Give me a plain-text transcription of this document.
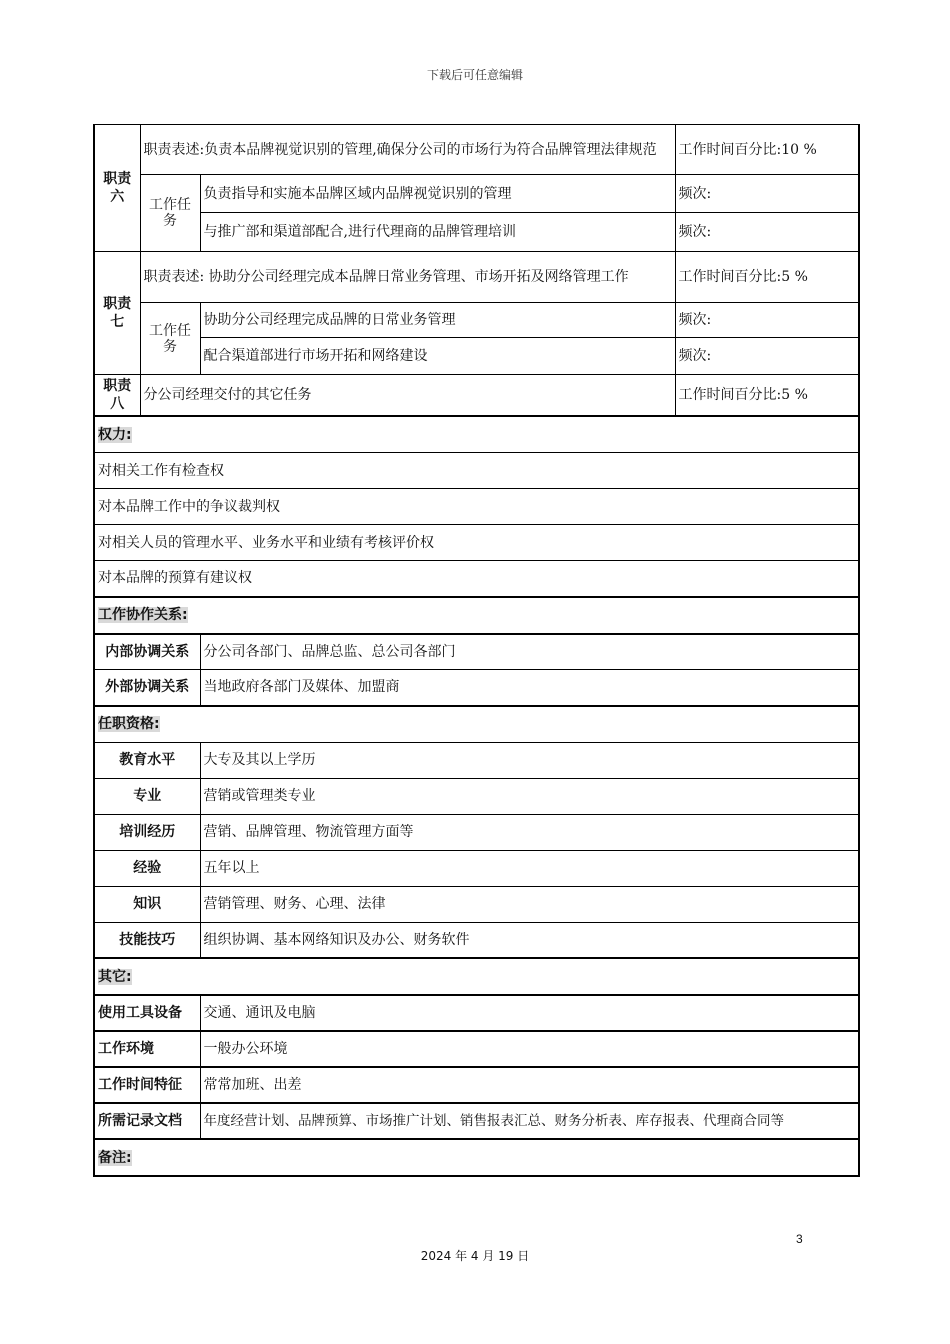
下载后可任意编辑
职责六	职责表述:负责本品牌视觉识别的管理,确保分公司的市场行为符合品牌管理法律规范		工作时间百分比:10 %
	工作任务	负责指导和实施本品牌区域内品牌视觉识别的管理	频次:
		与推广部和渠道部配合,进行代理商的品牌管理培训	频次:
职责七	职责表述: 协助分公司经理完成本品牌日常业务管理、市场开拓及网络管理工作		工作时间百分比:5 %
	工作任务	协助分公司经理完成品牌的日常业务管理	频次:
		配合渠道部进行市场开拓和网络建设	频次:
职责八	分公司经理交付的其它任务		工作时间百分比:5 %
权力:			
对相关工作有检查权			
对本品牌工作中的争议裁判权			
对相关人员的管理水平、业务水平和业绩有考核评价权			
对本品牌的预算有建议权			
工作协作关系:			
内部协调关系		分公司各部门、品牌总监、总公司各部门	
外部协调关系		当地政府各部门及媒体、加盟商	
任职资格:			
教育水平		大专及其以上学历	
专业		营销或管理类专业	
培训经历		营销、品牌管理、物流管理方面等	
经验		五年以上	
知识		营销管理、财务、心理、法律	
技能技巧		组织协调、基本网络知识及办公、财务软件	
其它:			
使用工具设备		交通、通讯及电脑	
工作环境		一般办公环境	
工作时间特征		常常加班、出差	
所需记录文档		年度经营计划、品牌预算、市场推广计划、销售报表汇总、财务分析表、库存报表、代理商合同等	
备注:			
3
2024 年 4 月 19 日
